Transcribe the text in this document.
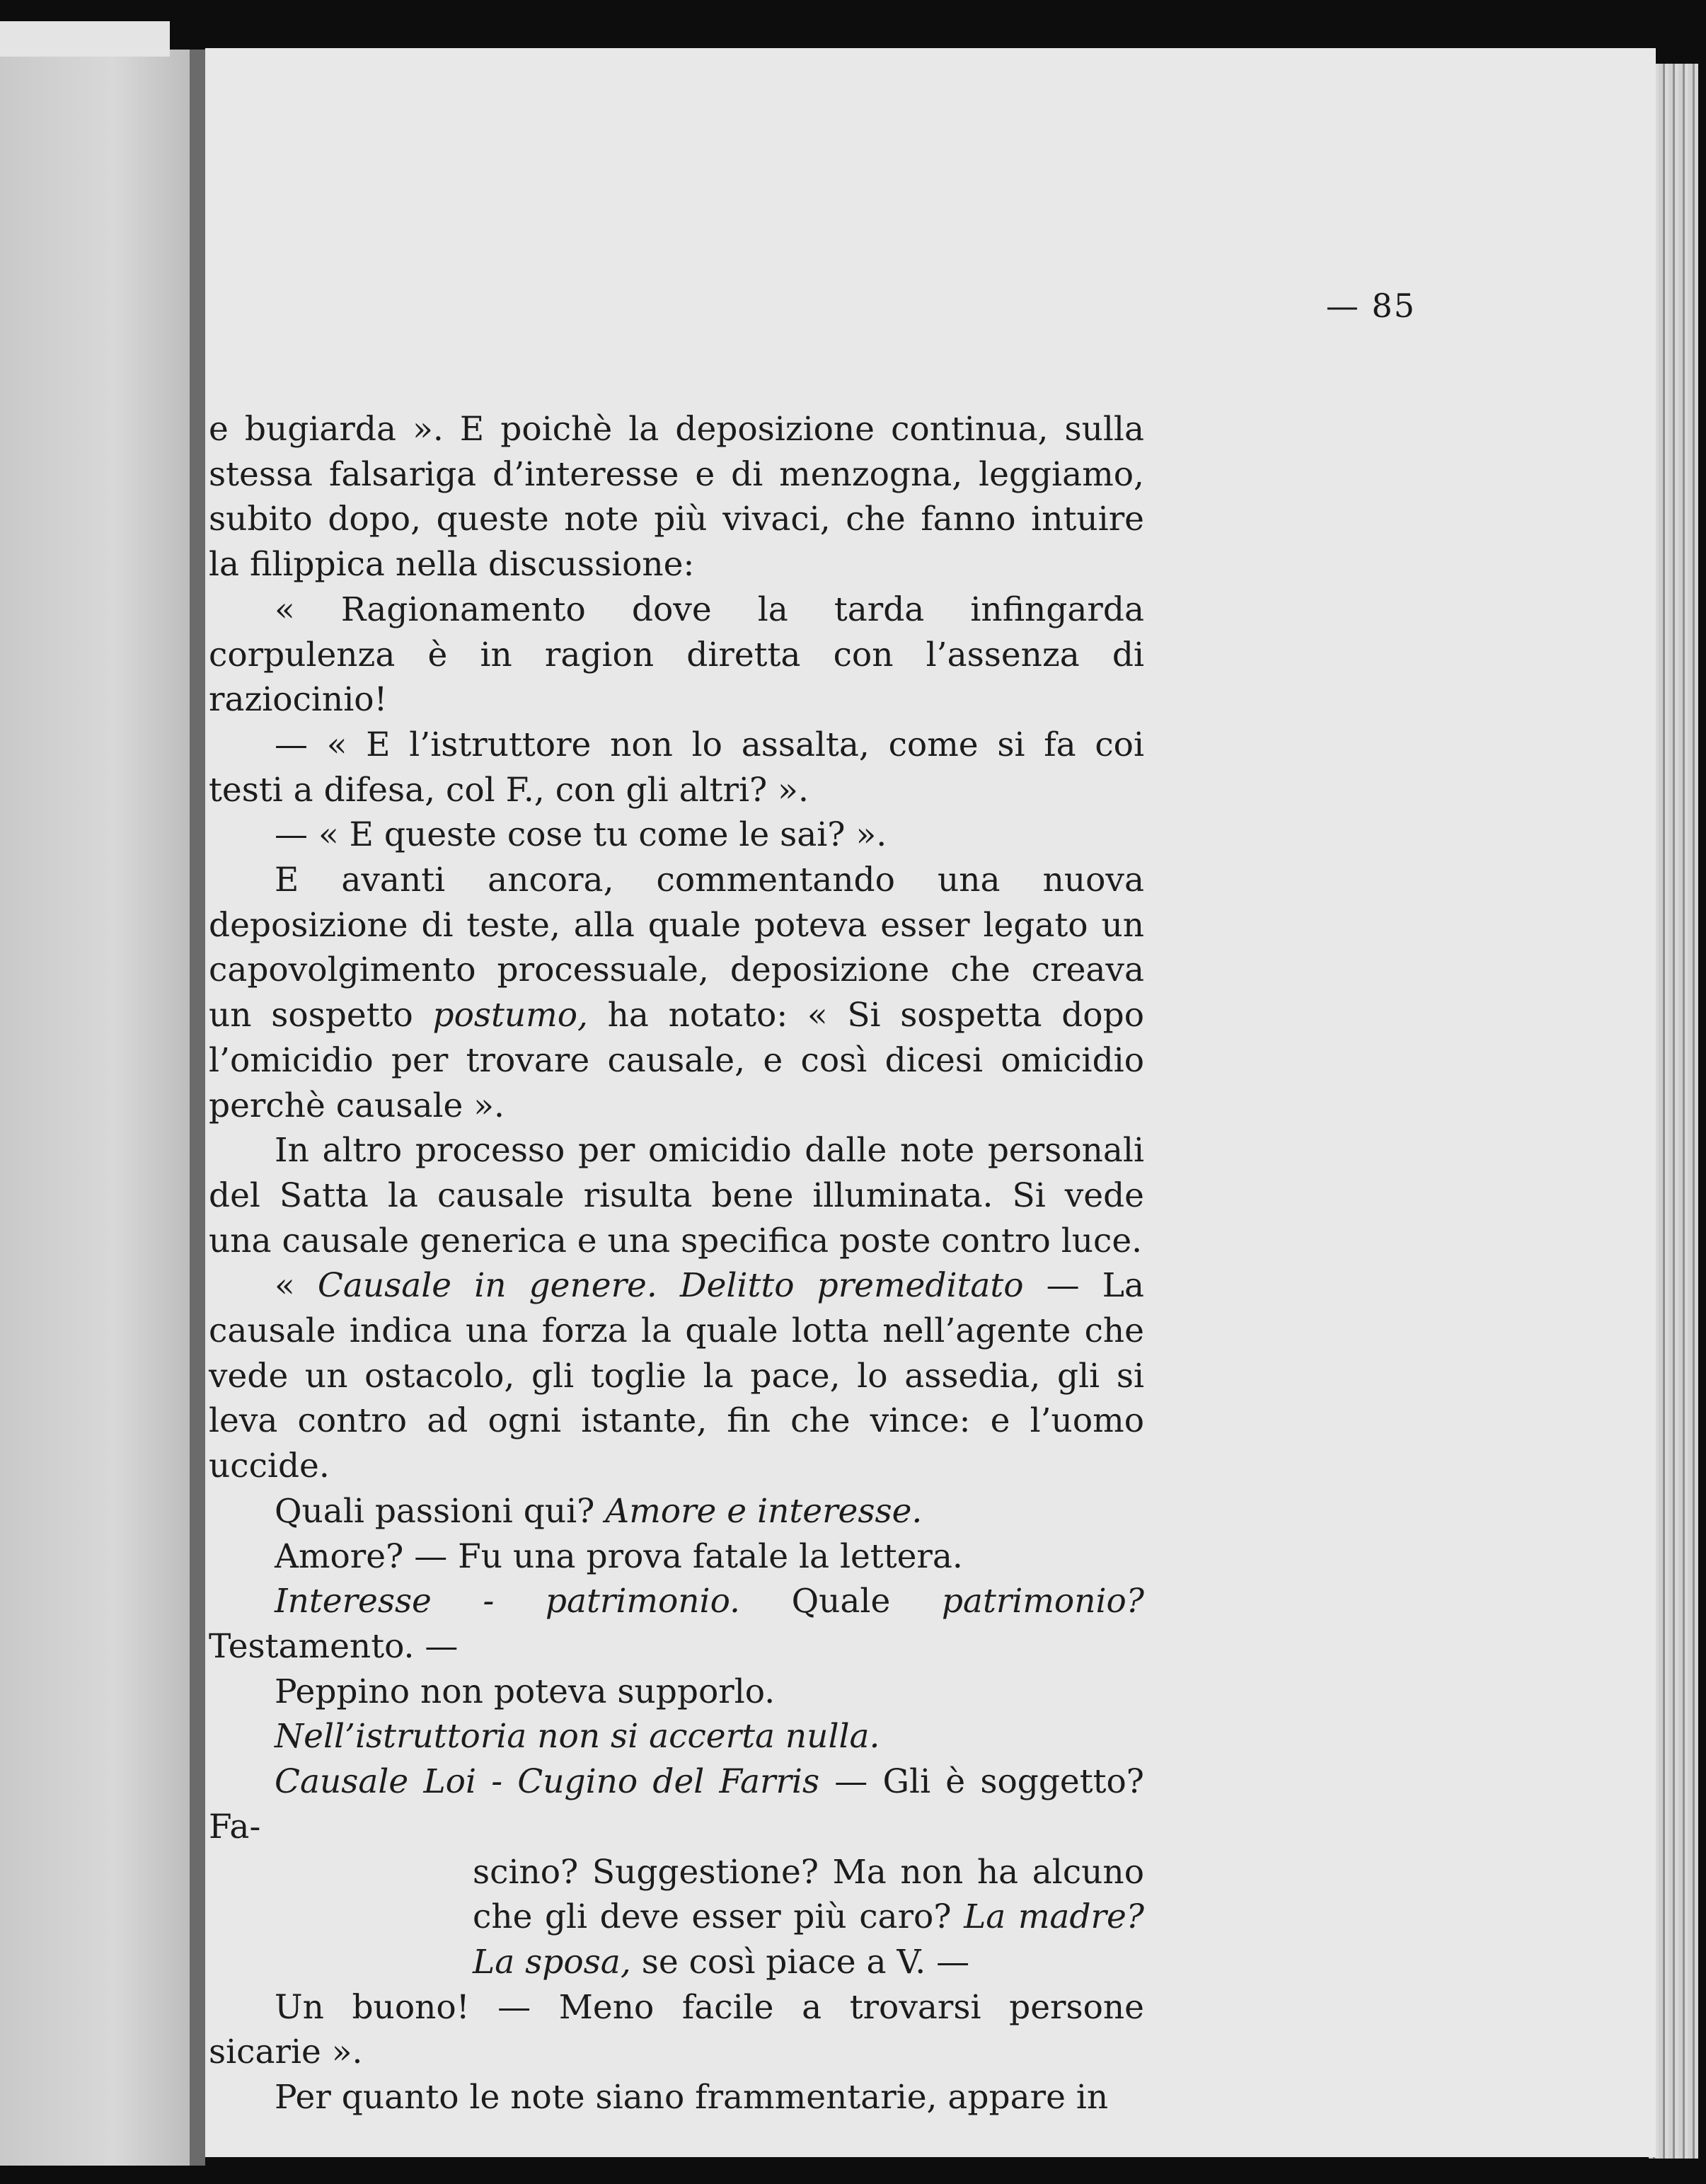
— 85

e bugiarda ». E poichè la deposizione continua, sulla stessa falsariga d’interesse e di menzogna, leggiamo, subito dopo, queste note più vivaci, che fanno intuire la filippica nella discussione:

« Ragionamento dove la tarda infingarda corpulenza è in ragion diretta con l’assenza di raziocinio!

— « E l’istruttore non lo assalta, come si fa coi testi a difesa, col F., con gli altri? ».

— « E queste cose tu come le sai? ».

E avanti ancora, commentando una nuova deposizione di teste, alla quale poteva esser legato un capovolgimento processuale, deposizione che creava un sospetto postumo, ha notato: « Si sospetta dopo l’omicidio per trovare causale, e così dicesi omicidio perchè causale ».

In altro processo per omicidio dalle note personali del Satta la causale risulta bene illuminata. Si vede una causale generica e una specifica poste contro luce.

« Causale in genere. Delitto premeditato — La causale indica una forza la quale lotta nell’agente che vede un ostacolo, gli toglie la pace, lo assedia, gli si leva contro ad ogni istante, fin che vince: e l’uomo uccide.

Quali passioni qui? Amore e interesse.

Amore? — Fu una prova fatale la lettera.

Interesse - patrimonio. Quale patrimonio? Testamento. —

Peppino non poteva supporlo.

Nell’istruttoria non si accerta nulla.

Causale Loi - Cugino del Farris — Gli è soggetto? Fa-

scino? Suggestione? Ma non ha alcuno che gli deve esser più caro? La madre? La sposa, se così piace a V. —

Un buono! — Meno facile a trovarsi persone sicarie ».

Per quanto le note siano frammentarie, appare in
